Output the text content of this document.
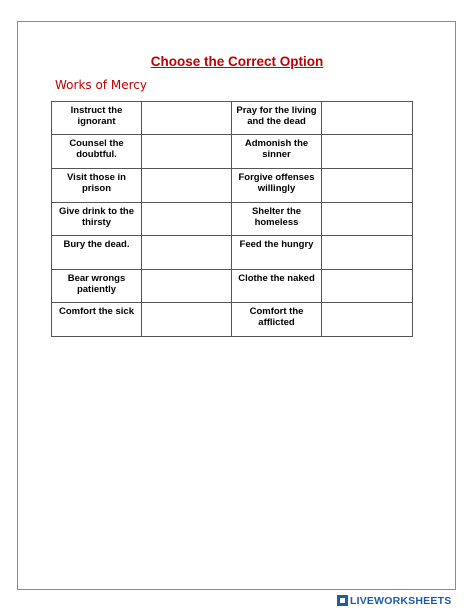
Choose the Correct Option
Works of Mercy
Instruct the ignorant		Pray for the living and the dead	
Counsel the doubtful.		Admonish the sinner	
Visit those in prison		Forgive offenses willingly	
Give drink to the thirsty		Shelter the homeless	
Bury the dead.		Feed the hungry	
Bear wrongs patiently		Clothe the naked	
Comfort the sick		Comfort the afflicted	
LIVEWORKSHEETS
